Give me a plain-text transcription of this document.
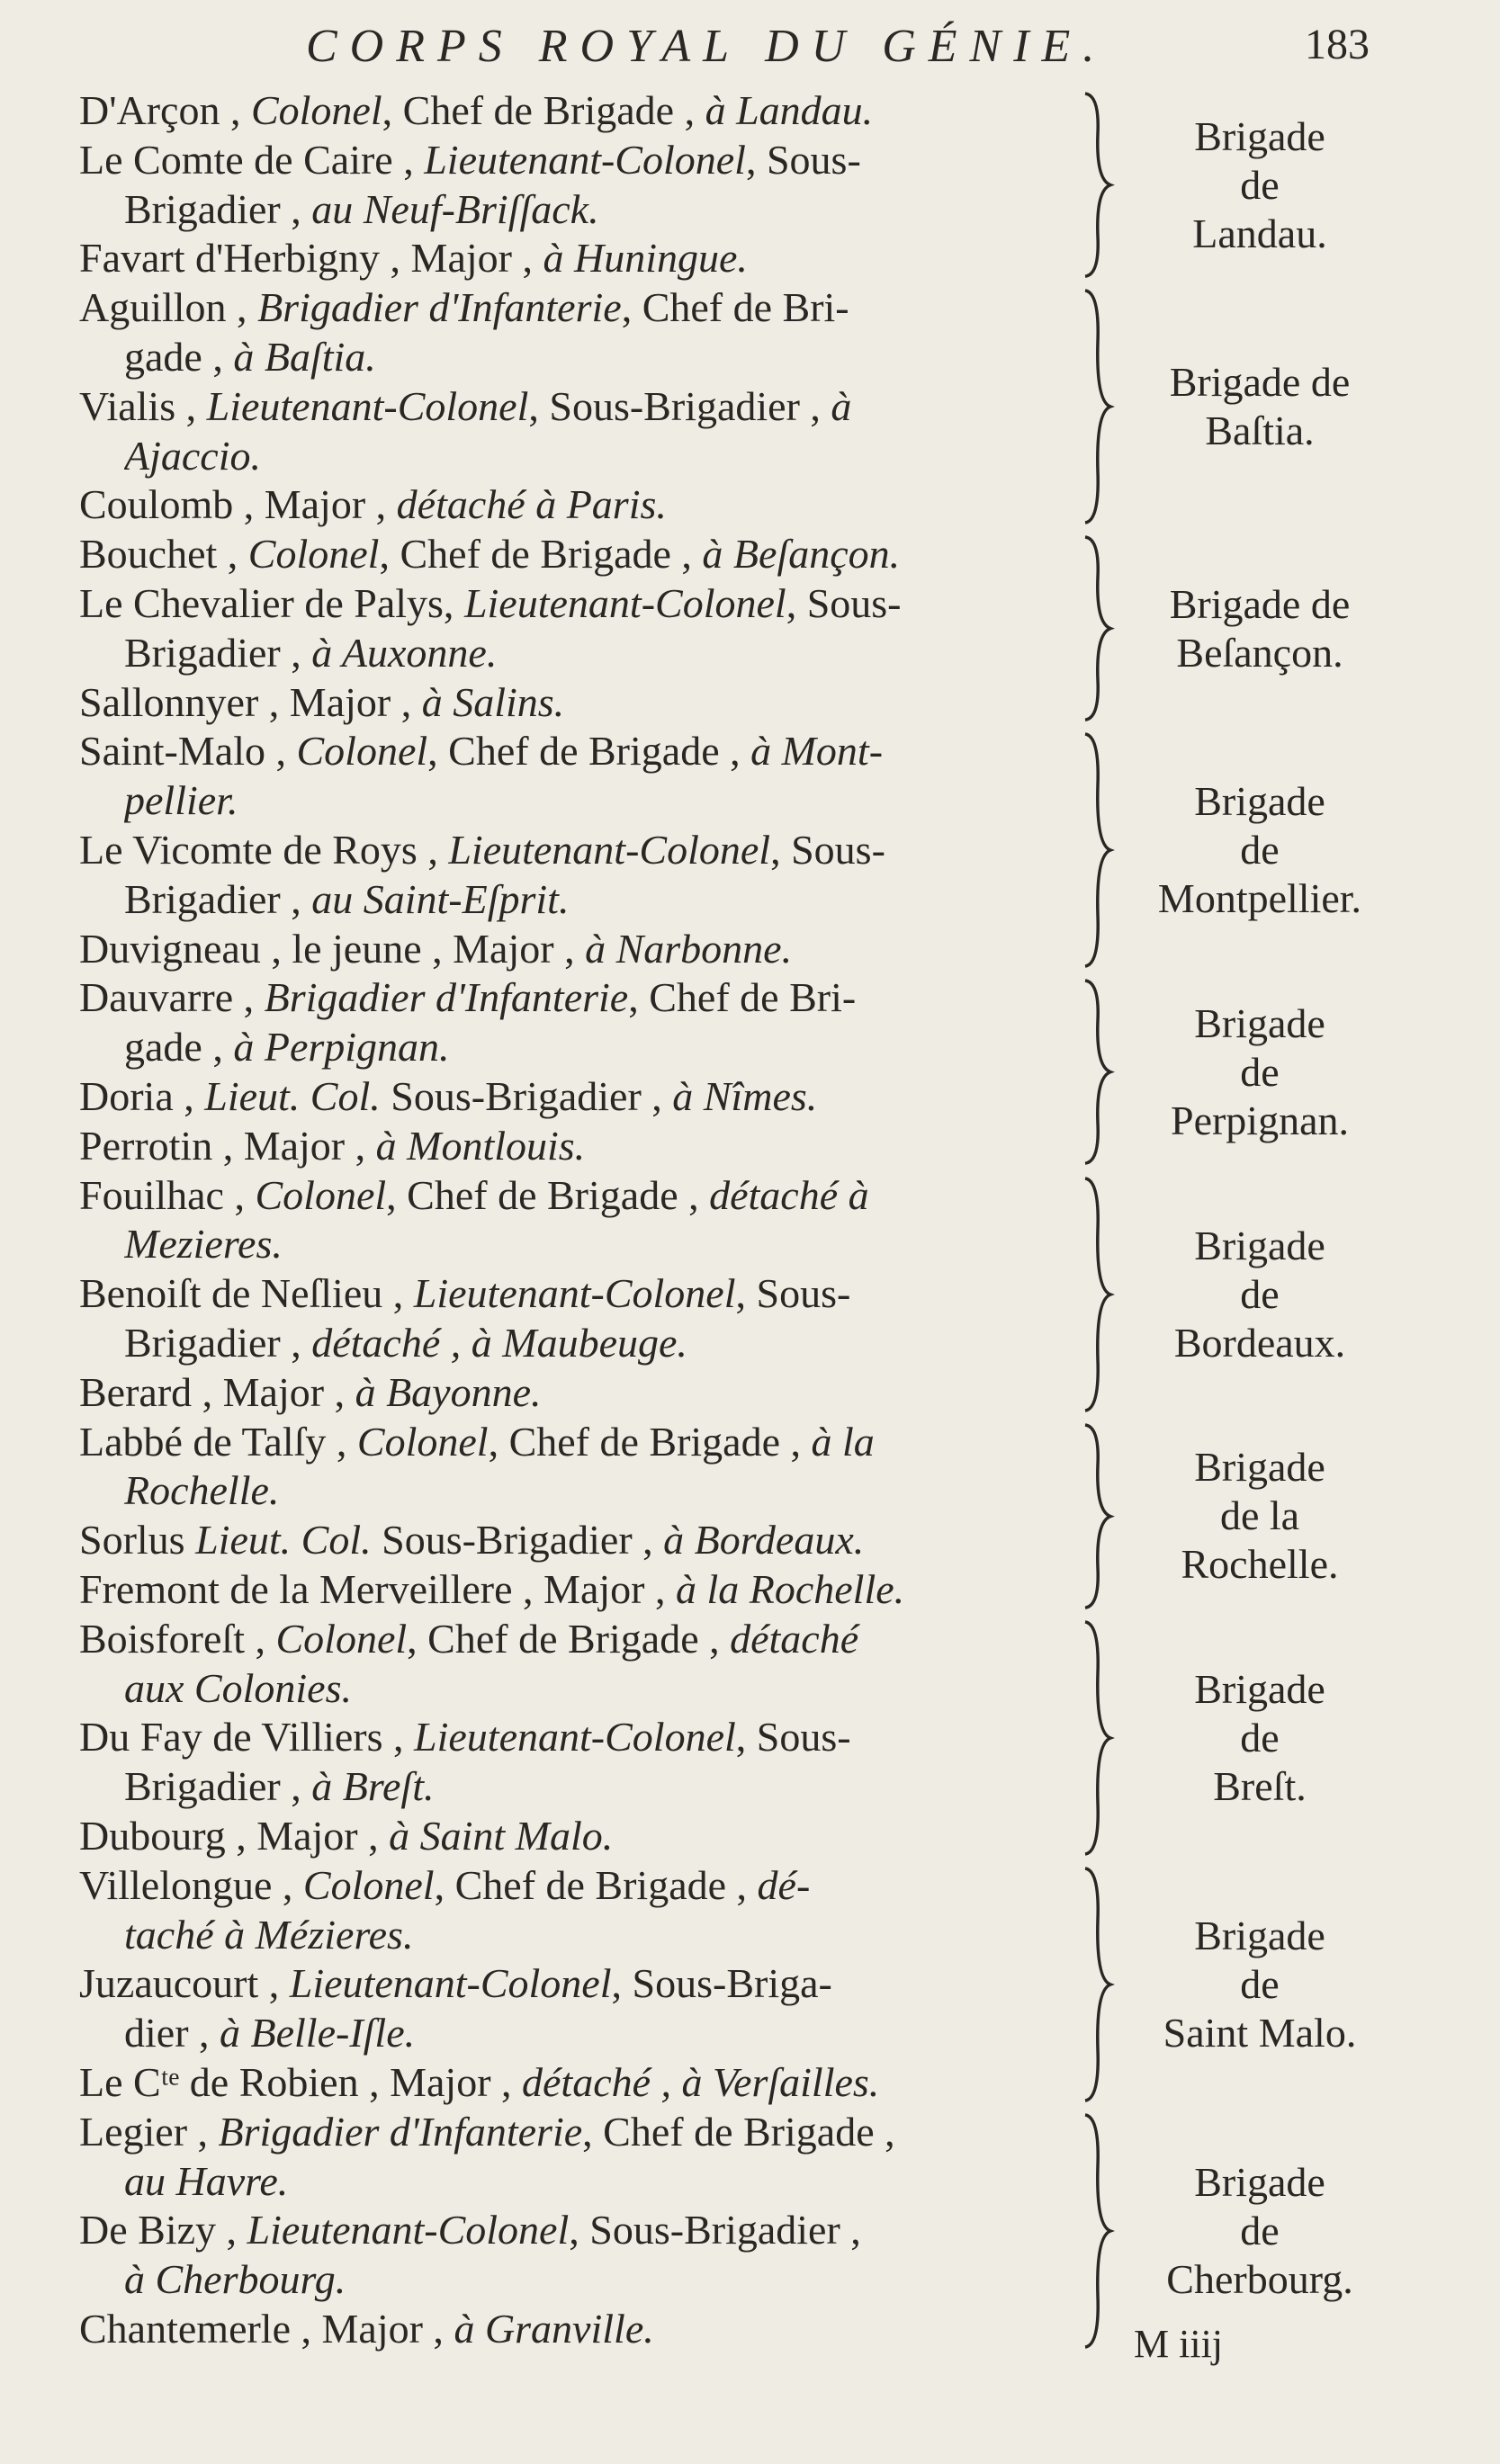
CORPS ROYAL DU GÉNIE.	183
D'Arçon , Colonel, Chef de Brigade , à Landau.
Le Comte de Caire , Lieutenant-Colonel, Sous-
Brigadier , au Neuf-Briſſack.
Favart d'Herbigny , Major , à Huningue.
Brigade
de
Landau.
Aguillon , Brigadier d'Infanterie, Chef de Bri-
gade , à Baſtia.
Vialis , Lieutenant-Colonel, Sous-Brigadier , à
Ajaccio.
Coulomb , Major , détaché à Paris.
Brigade de
Baſtia.
Bouchet , Colonel, Chef de Brigade , à Beſançon.
Le Chevalier de Palys, Lieutenant-Colonel, Sous-
Brigadier , à Auxonne.
Sallonnyer , Major , à Salins.
Brigade de
Beſançon.
Saint-Malo , Colonel, Chef de Brigade , à Mont-
pellier.
Le Vicomte de Roys , Lieutenant-Colonel, Sous-
Brigadier , au Saint-Eſprit.
Duvigneau , le jeune , Major , à Narbonne.
Brigade
de
Montpellier.
Dauvarre , Brigadier d'Infanterie, Chef de Bri-
gade , à Perpignan.
Doria , Lieut. Col. Sous-Brigadier , à Nîmes.
Perrotin , Major , à Montlouis.
Brigade
de
Perpignan.
Fouilhac , Colonel, Chef de Brigade , détaché à
Mezieres.
Benoiſt de Neſlieu , Lieutenant-Colonel, Sous-
Brigadier , détaché , à Maubeuge.
Berard , Major , à Bayonne.
Brigade
de
Bordeaux.
Labbé de Talſy , Colonel, Chef de Brigade , à la
Rochelle.
Sorlus Lieut. Col. Sous-Brigadier , à Bordeaux.
Fremont de la Merveillere , Major , à la Rochelle.
Brigade
de la
Rochelle.
Boisforeſt , Colonel, Chef de Brigade , détaché
aux Colonies.
Du Fay de Villiers , Lieutenant-Colonel, Sous-
Brigadier , à Breſt.
Dubourg , Major , à Saint Malo.
Brigade
de
Breſt.
Villelongue , Colonel, Chef de Brigade , dé-
taché à Mézieres.
Juzaucourt , Lieutenant-Colonel, Sous-Briga-
dier , à Belle-Iſle.
Le Cᵗᵉ de Robien , Major , détaché , à Verſailles.
Brigade
de
Saint Malo.
Legier , Brigadier d'Infanterie, Chef de Brigade ,
au Havre.
De Bizy , Lieutenant-Colonel, Sous-Brigadier ,
à Cherbourg.
Chantemerle , Major , à Granville.
Brigade
de
Cherbourg.
M iiij
